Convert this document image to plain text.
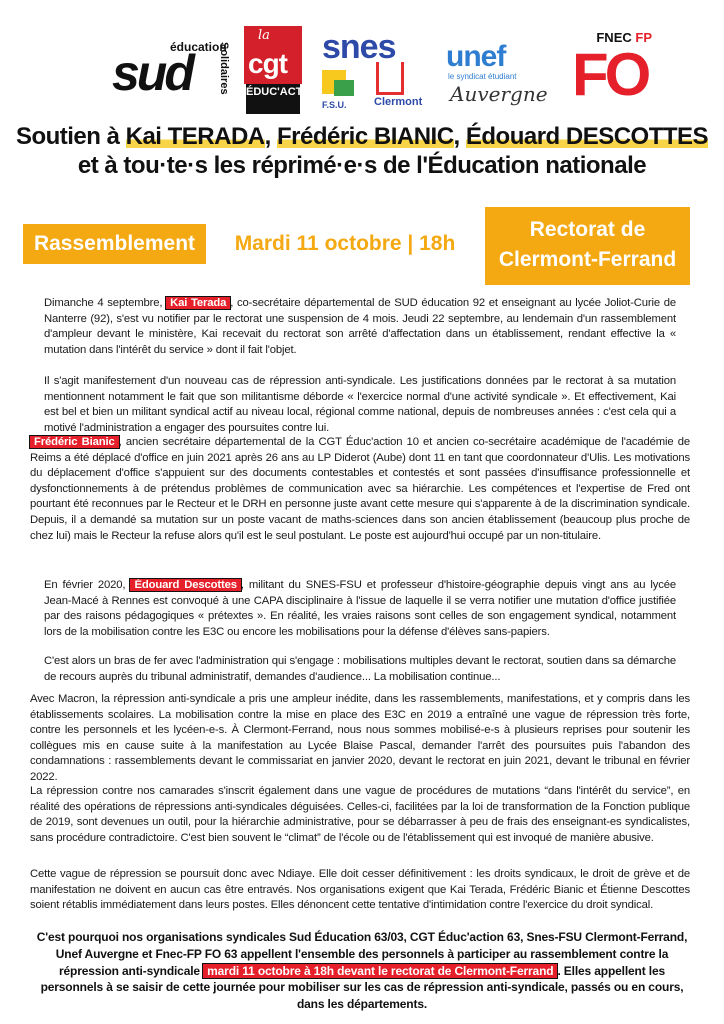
éducation
sud Solidaires
la
cgt
ÉDUC'ACTION
snes
F.S.U. Clermont
unef
le syndicat étudiant
Auvergne
FNEC FP
FO
Soutien à Kai TERADA, Frédéric BIANIC, Édouard DESCOTTES
et à tou·te·s les réprimé·e·s de l'Éducation nationale
Rassemblement	Mardi 11 octobre | 18h
Rectorat de
Clermont-Ferrand
Dimanche 4 septembre, Kai Terada , co-secrétaire départemental de SUD éducation 92 et enseignant au lycée Joliot-Curie de Nanterre (92), s'est vu notifier par le rectorat une suspension de 4 mois. Jeudi 22 septembre, au lendemain d'un rassemblement d'ampleur devant le ministère, Kai recevait du rectorat son arrêté d'affectation dans un établissement, rendant effective la « mutation dans l'intérêt du service » dont il fait l'objet.
Il s'agit manifestement d'un nouveau cas de répression anti-syndicale. Les justifications données par le rectorat à sa mutation mentionnent notamment le fait que son militantisme déborde « l'exercice normal d'une activité syndicale ». Et effectivement, Kai est bel et bien un militant syndical actif au niveau local, régional comme national, depuis de nombreuses années : c'est cela qui a motivé l'administration a engager des poursuites contre lui.
Frédéric Bianic , ancien secrétaire départemental de la CGT Éduc'action 10 et ancien co-secrétaire académique de l'académie de Reims a été déplacé d'office en juin 2021 après 26 ans au LP Diderot (Aube) dont 11 en tant que coordonnateur d'Ulis. Les motivations du déplacement d'office s'appuient sur des documents contestables et contestés et sont passées d'insuffisance professionnelle et dysfonctionnements à de prétendus problèmes de communication avec sa hiérarchie. Les compétences et l'expertise de Fred ont pourtant été reconnues par le Recteur et le DRH en personne juste avant cette mesure qui s'apparente à de la discrimination syndicale. Depuis, il a demandé sa mutation sur un poste vacant de maths-sciences dans son ancien établissement (beaucoup plus proche de chez lui) mais le Recteur la refuse alors qu'il est le seul postulant. Le poste est aujourd'hui occupé par un non-titulaire.
En février 2020, Édouard Descottes , militant du SNES-FSU et professeur d'histoire-géographie depuis vingt ans au lycée Jean-Macé à Rennes est convoqué à une CAPA disciplinaire à l'issue de laquelle il se verra notifier une mutation d'office justifiée par des raisons pédagogiques « prétextes ». En réalité, les vraies raisons sont celles de son engagement syndical, notamment lors de la mobilisation contre les E3C ou encore les mobilisations pour la défense d'élèves sans-papiers.
C'est alors un bras de fer avec l'administration qui s'engage : mobilisations multiples devant le rectorat, soutien dans sa démarche de recours auprès du tribunal administratif, demandes d'audience... La mobilisation continue...
Avec Macron, la répression anti-syndicale a pris une ampleur inédite, dans les rassemblements, manifestations, et y compris dans les établissements scolaires. La mobilisation contre la mise en place des E3C en 2019 a entraîné une vague de répression très forte, contre les personnels et les lycéen-e-s. À Clermont-Ferrand, nous nous sommes mobilisé-e-s à plusieurs reprises pour soutenir les collègues mis en cause suite à la manifestation au Lycée Blaise Pascal, demander l'arrêt des poursuites puis l'abandon des condamnations : rassemblements devant le commissariat en janvier 2020, devant le rectorat en juin 2021, devant le tribunal en février 2022.
La répression contre nos camarades s'inscrit également dans une vague de procédures de mutations “dans l'intérêt du service”, en réalité des opérations de répressions anti-syndicales déguisées. Celles-ci, facilitées par la loi de transformation de la Fonction publique de 2019, sont devenues un outil, pour la hiérarchie administrative, pour se débarrasser à peu de frais des enseignant-es syndicalistes, sans procédure contradictoire. C'est bien souvent le “climat” de l'école ou de l'établissement qui est invoqué de manière abusive.
Cette vague de répression se poursuit donc avec Ndiaye. Elle doit cesser définitivement : les droits syndicaux, le droit de grève et de manifestation ne doivent en aucun cas être entravés. Nos organisations exigent que Kai Terada, Frédéric Bianic et Étienne Descottes soient rétablis immédiatement dans leurs postes. Elles dénoncent cette tentative d'intimidation contre l'exercice du droit syndical.
C'est pourquoi nos organisations syndicales Sud Éducation 63/03, CGT Éduc'action 63, Snes-FSU Clermont-Ferrand, Unef Auvergne et Fnec-FP FO 63 appellent l'ensemble des personnels à participer au rassemblement contre la répression anti-syndicale mardi 11 octobre à 18h devant le rectorat de Clermont-Ferrand . Elles appellent les personnels à se saisir de cette journée pour mobiliser sur les cas de répression anti-syndicale, passés ou en cours, dans les départements.
